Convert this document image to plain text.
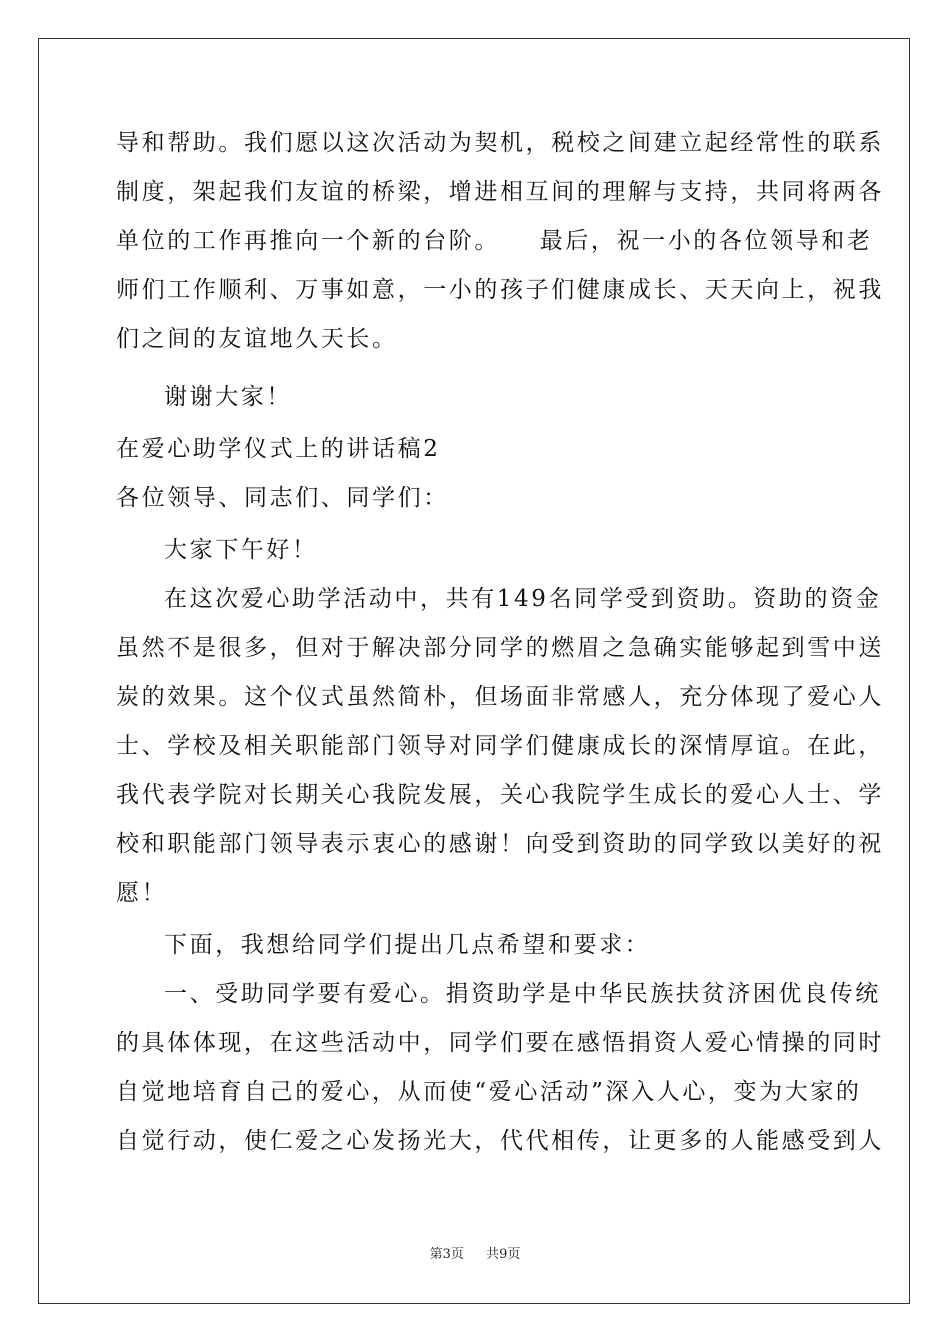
导和帮助。我们愿以这次活动为契机，税校之间建立起经常性的联系
制度，架起我们友谊的桥梁，增进相互间的理解与支持，共同将两各
单位的工作再推向一个新的台阶。　　最后，祝一小的各位领导和老
师们工作顺利、万事如意，一小的孩子们健康成长、天天向上，祝我
们之间的友谊地久天长。
谢谢大家！
在爱心助学仪式上的讲话稿2
各位领导、同志们、同学们：
大家下午好！
在这次爱心助学活动中，共有149名同学受到资助。资助的资金
虽然不是很多，但对于解决部分同学的燃眉之急确实能够起到雪中送
炭的效果。这个仪式虽然简朴，但场面非常感人，充分体现了爱心人
士、学校及相关职能部门领导对同学们健康成长的深情厚谊。在此，
我代表学院对长期关心我院发展，关心我院学生成长的爱心人士、学
校和职能部门领导表示衷心的感谢！向受到资助的同学致以美好的祝
愿！
下面，我想给同学们提出几点希望和要求：
一、受助同学要有爱心。捐资助学是中华民族扶贫济困优良传统
的具体体现，在这些活动中，同学们要在感悟捐资人爱心情操的同时
自觉地培育自己的爱心，从而使“爱心活动”深入人心，变为大家的
自觉行动，使仁爱之心发扬光大，代代相传，让更多的人能感受到人
第3页 共9页
